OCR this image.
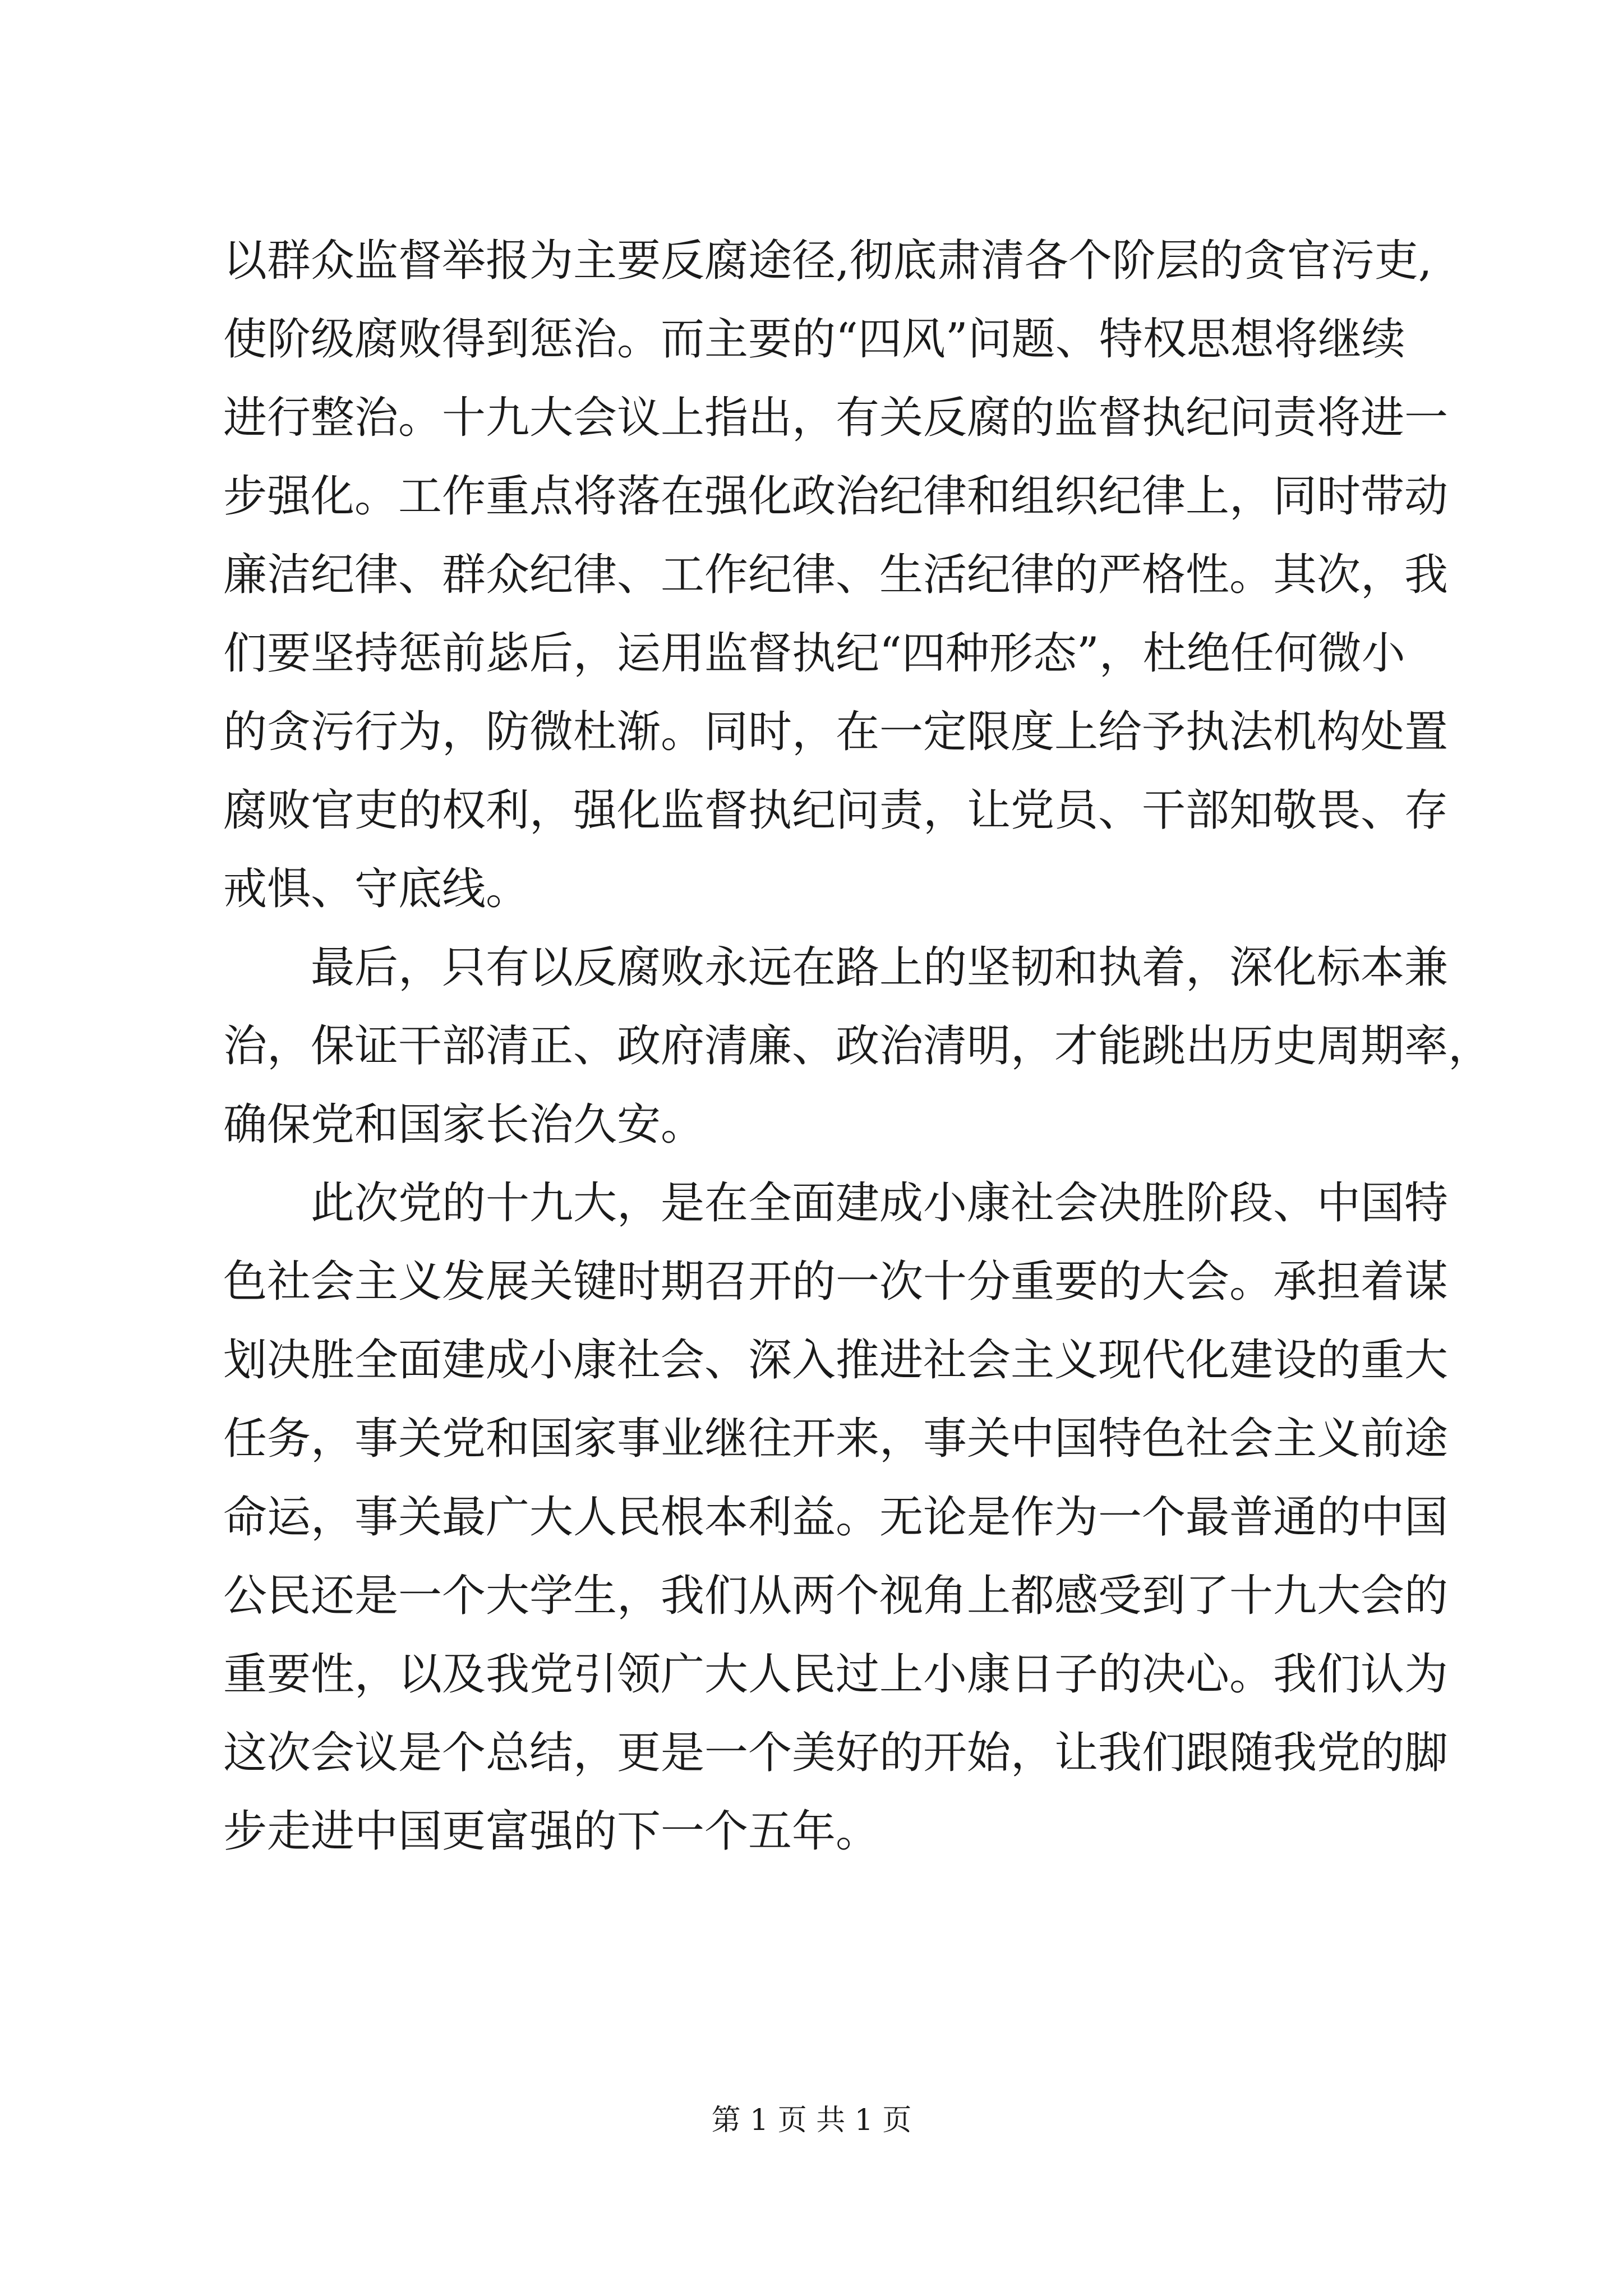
以群众监督举报为主要反腐途径,彻底肃清各个阶层的贪官污吏,
使阶级腐败得到惩治。而主要的“四风”问题、特权思想将继续
进行整治。十九大会议上指出，有关反腐的监督执纪问责将进一
步强化。工作重点将落在强化政治纪律和组织纪律上，同时带动
廉洁纪律、群众纪律、工作纪律、生活纪律的严格性。其次，我
们要坚持惩前毖后，运用监督执纪“四种形态”，杜绝任何微小
的贪污行为，防微杜渐。同时，在一定限度上给予执法机构处置
腐败官吏的权利，强化监督执纪问责，让党员、干部知敬畏、存
戒惧、守底线。
最后，只有以反腐败永远在路上的坚韧和执着，深化标本兼
治，保证干部清正、政府清廉、政治清明，才能跳出历史周期率，
确保党和国家长治久安。
此次党的十九大，是在全面建成小康社会决胜阶段、中国特
色社会主义发展关键时期召开的一次十分重要的大会。承担着谋
划决胜全面建成小康社会、深入推进社会主义现代化建设的重大
任务，事关党和国家事业继往开来，事关中国特色社会主义前途
命运，事关最广大人民根本利益。无论是作为一个最普通的中国
公民还是一个大学生，我们从两个视角上都感受到了十九大会的
重要性，以及我党引领广大人民过上小康日子的决心。我们认为
这次会议是个总结，更是一个美好的开始，让我们跟随我党的脚
步走进中国更富强的下一个五年。
第 1 页 共 1 页
